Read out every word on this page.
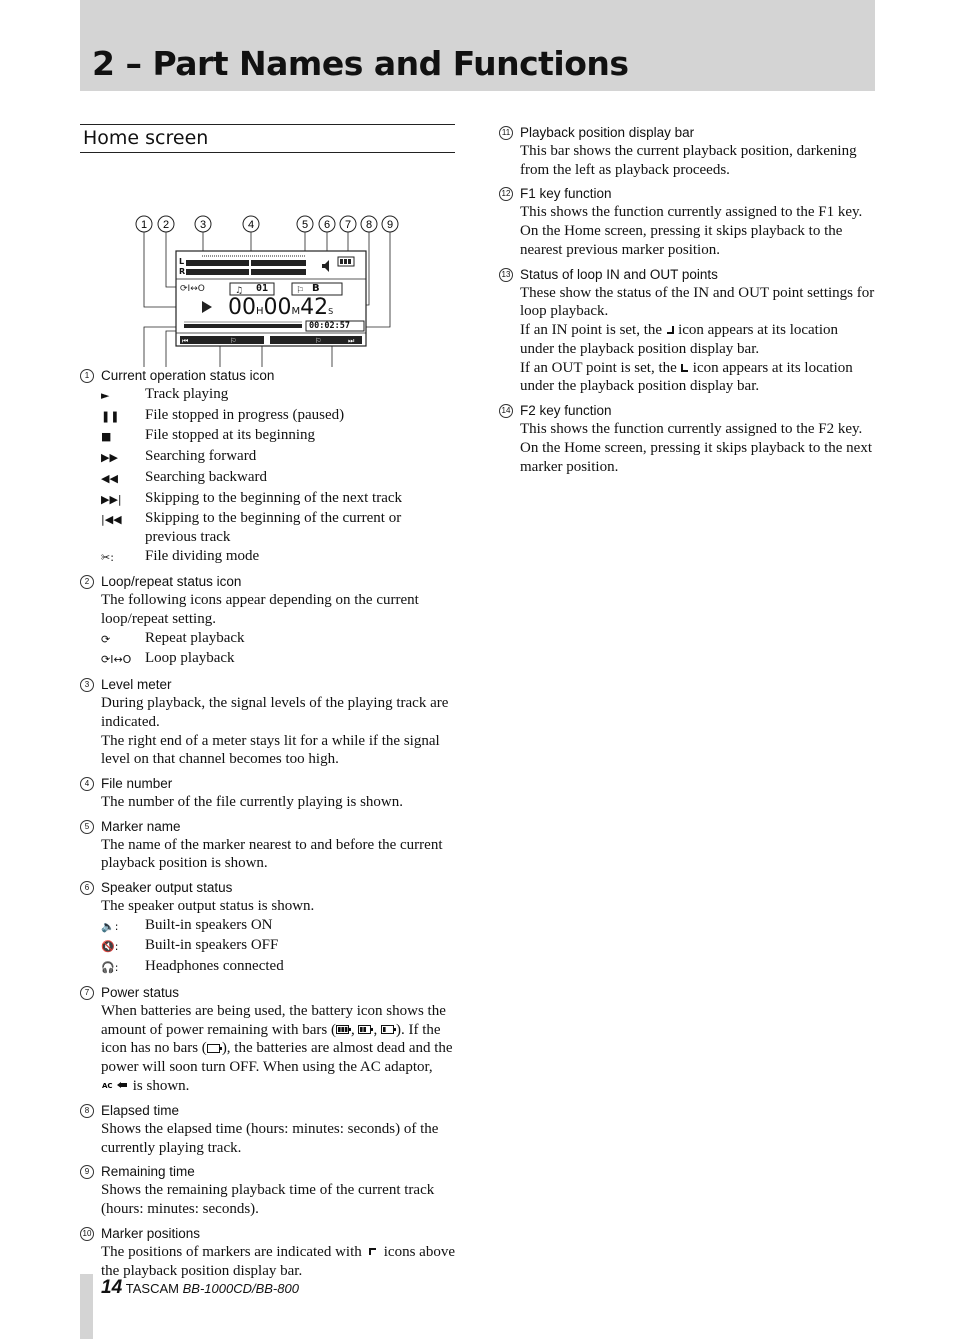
2 – Part Names and Functions
Home screen
1 2	3	4	5 6 7 8 9
⟳I↔O	♫	⚐
⏮	⚐	⚐	⏭
L
R
01	B
00H00M42S
00:02:57
1 Current operation status icon
►	Track playing
❚❚	File stopped in progress (paused)
■	File stopped at its beginning
▶▶	Searching forward
◀◀	Searching backward
▶▶|	Skipping to the beginning of the next track
|◀◀	Skipping to the beginning of the current or previous track
✂:	File dividing mode
2 Loop/repeat status icon
The following icons appear depending on the current loop/repeat setting.
⟳	Repeat playback
⟳I↔O Loop playback
3 Level meter
During playback, the signal levels of the playing track are indicated.
The right end of a meter stays lit for a while if the signal level on that channel becomes too high.
4 File number
The number of the file currently playing is shown.
5 Marker name
The name of the marker nearest to and before the current playback position is shown.
6 Speaker output status
The speaker output status is shown.
🔈:	Built-in speakers ON
🔇:	Built-in speakers OFF
🎧:	Headphones connected
7 Power status
When batteries are being used, the battery icon shows the amount of power remaining with bars ( , , ). If the icon has no bars ( ), the batteries are almost dead and the power will soon turn OFF. When using the AC adaptor,
AC is shown.
8 Elapsed time
Shows the elapsed time (hours: minutes: seconds) of the currently playing track.
9 Remaining time
Shows the remaining playback time of the current track (hours: minutes: seconds).
10 Marker positions
The positions of markers are indicated with icons above the playback position display bar.
11 Playback position display bar
This bar shows the current playback position, darkening from the left as playback proceeds.
12 F1 key function
This shows the function currently assigned to the F1 key. On the Home screen, pressing it skips playback to the nearest previous marker position.
13 Status of loop IN and OUT points
These show the status of the IN and OUT point settings for loop playback.
If an IN point is set, the icon appears at its location under the playback position display bar.
If an OUT point is set, the icon appears at its location under the playback position display bar.
14 F2 key function
This shows the function currently assigned to the F2 key. On the Home screen, pressing it skips playback to the next marker position.
14 TASCAM BB-1000CD/BB-800
